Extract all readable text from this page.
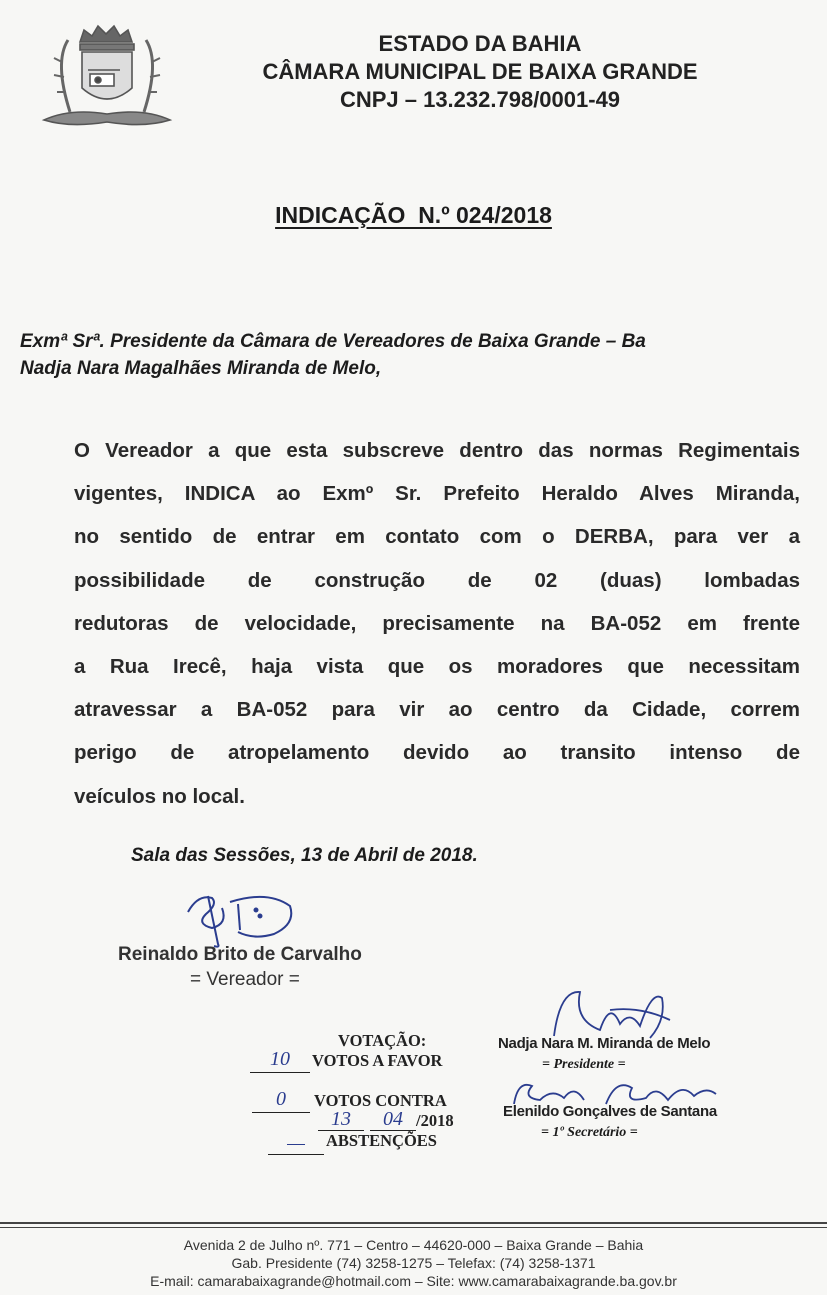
ESTADO DA BAHIA
CÂMARA MUNICIPAL DE BAIXA GRANDE
CNPJ – 13.232.798/0001-49
INDICAÇÃO  N.º 024/2018
Exmª Srª. Presidente da Câmara de Vereadores de Baixa Grande – Ba
Nadja Nara Magalhães Miranda de Melo,
O Vereador a que esta subscreve dentro das normas Regimentais
vigentes, INDICA ao Exmº Sr. Prefeito Heraldo Alves Miranda,
no sentido de entrar em contato com o DERBA, para ver a
possibilidade de construção de 02 (duas) lombadas
redutoras de velocidade, precisamente na BA-052 em frente
a Rua Irecê, haja vista que os moradores que necessitam
atravessar a BA-052 para vir ao centro da Cidade, correm
perigo de atropelamento devido ao transito intenso de
veículos no local.
Sala das Sessões, 13 de Abril de 2018.
Reinaldo Brito de Carvalho
= Vereador =
VOTAÇÃO:
10	VOTOS A FAVOR
0	VOTOS CONTRA
13	04 /2018
—	ABSTENÇÕES
Nadja Nara M. Miranda de Melo
= Presidente =
Elenildo Gonçalves de Santana
= 1º Secretário =
Avenida 2 de Julho nº. 771 – Centro – 44620-000 – Baixa Grande – Bahia
Gab. Presidente (74) 3258-1275 – Telefax: (74) 3258-1371
E-mail: camarabaixagrande@hotmail.com – Site: www.camarabaixagrande.ba.gov.br
